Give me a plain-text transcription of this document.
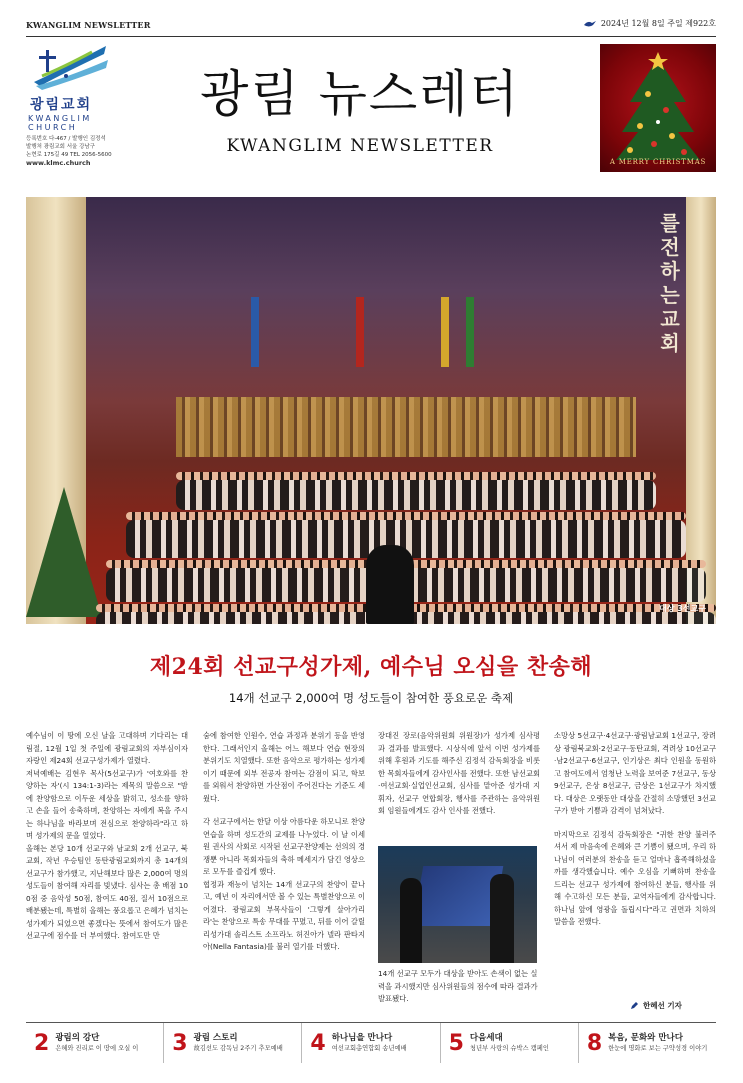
KWANGLIM NEWSLETTER	2024년 12월 8일 주일 제922호
광림교회
KWANGLIM
CHURCH
등록번호 다-467 / 발행인 김정석
발행처 광림교회 서울 강남구
논현로 175길 49 TEL 2056-5600
www.klmc.church
광림 뉴스레터
KWANGLIM NEWSLETTER
A MERRY CHRISTMAS
를 전하는 교회
대상 3선교구
제24회 선교구성가제, 예수님 오심을 찬송해
14개 선교구 2,000여 명 성도들이 참여한 풍요로운 축제

예수님이 이 땅에 오신 날을 고대하며 기다리는 대림절, 12월 1일 첫 주일에 광림교회의 자부심이자 자랑인 제24회 선교구성가제가 열렸다.

저녁예배는 김현우 목사(5선교구)가 '여호와를 찬양하는 자'(시 134:1-3)라는 제목의 말씀으로 "밤에 찬양함으로 이두운 세상을 밝히고, 성소를 향하고 손을 들어 송축하며, 찬양하는 자에게 복을 주시는 하나님을 바라보며 전심으로 찬양하라"라고 하며 성가제의 문을 열었다.

올해는 본당 10개 선교구와 남교회 2개 선교구, 북교회, 작년 우승팀인 동탄광림교회까지 총 14개의 선교구가 참가했고, 지난해보다 많은 2,000여 명의 성도들이 참여해 자리를 빛냈다. 심사는 총 배점 100점 중 음악성 50점, 참여도 40점, 질서 10점으로 배분됐는데, 특별히 올해는 풍요롭고 은혜가 넘치는 성가제가 되었으면 좋겠다는 뜻에서 참여도가 많은 선교구에 점수를 더 부여했다. 참여도만 만

숨에 참여한 인원수, 연습 과정과 분위기 등을 반영한다. 그래서인지 올해는 어느 해보다 연습 현장의 분위기도 치열했다. 또한 음악으로 평가하는 성가제이기 때문에 외부 전공자 참여는 감점이 되고, 학보를 외워서 찬양하면 가산점이 주어진다는 기준도 세웠다.

각 선교구에서는 한달 이상 아름다운 하모니로 찬양 연습을 하며 성도간의 교제를 나누었다. 이 날 이세원 권사의 사회로 시작된 선교구찬양제는 선의의 경쟁뿐 아니라 목회자들의 축하 메세지가 담긴 영상으로 모두를 즐겁게 했다.

협정과 재능이 넘치는 14개 선교구의 찬양이 끝나고, 예년 이 자리에서만 볼 수 있는 특별찬양으로 이어졌다. 광림교회 부목사들이 '그렇게 살아가리라'는 찬양으로 특송 무대를 꾸몄고, 뒤를 이어 갈릴리성가대 솔리스트 소프라노 허진아가 넬라 판타지아(Nella Fantasia)를 불러 열기를 더했다.

장대진 장로(음악위원회 위원장)가 성가제 심사평과 결과를 발표했다. 시상식에 앞서 이번 성가제를 위해 후원과 기도를 해주신 김정석 감독회장을 비롯한 목회자들에게 감사인사를 전했다. 또한 남선교회·여선교회·실업인선교회, 심사를 맡아준 성가대 지휘자, 선교구 연합회장, 행사를 주관하는 음악위원회 임원들에게도 감사 인사를 전했다.

14개 선교구 모두가 대상을 받아도 손색이 없는 실력을 과시했지만 심사위원들의 점수에 따라 결과가 발표됐다.

소망상 5선교구·4선교구·광림남교회 1선교구, 장려상 광림북교회·2선교구·동탄교회, 격려상 10선교구·남2선교구·6선교구, 인기상은 최다 인원을 동원하고 참여도에서 엄청난 노력을 보여준 7선교구, 동상 9선교구, 은상 8선교구, 금상은 1선교구가 차지했다. 대상은 오랫동안 대상을 간절히 소망했던 3선교구가 받아 기쁨과 감격이 넘쳐났다.

마지막으로 김정석 감독회장은 "귀한 찬양 불러주셔서 제 마음속에 은혜와 큰 기쁨이 됐으며, 우리 하나님이 여러분의 찬송을 듣고 얼마나 흡족해하셨을까를 생각했습니다. 예수 오심을 기뻐하며 찬송을 드리는 선교구 성가제에 참여하신 분들, 행사를 위해 수고하신 모든 분들, 교역자들에게 감사합니다. 하나님 앞에 영광을 돌립시다"라고 권면과 치하의 말씀을 전했다.

한혜선 기자
2 광림의 강단
은혜와 진리로 이 땅에 오실 이 3 광림 스토리
故김선도 감독님 2주기 추모예배 4 하나님을 만나다
여선교회총연합회 송년예배 5 다음세대
청년부 사랑의 슈박스 캠페인 8 복음, 문화와 만나다
한눈에 명화로 보는 구약성경 이야기
